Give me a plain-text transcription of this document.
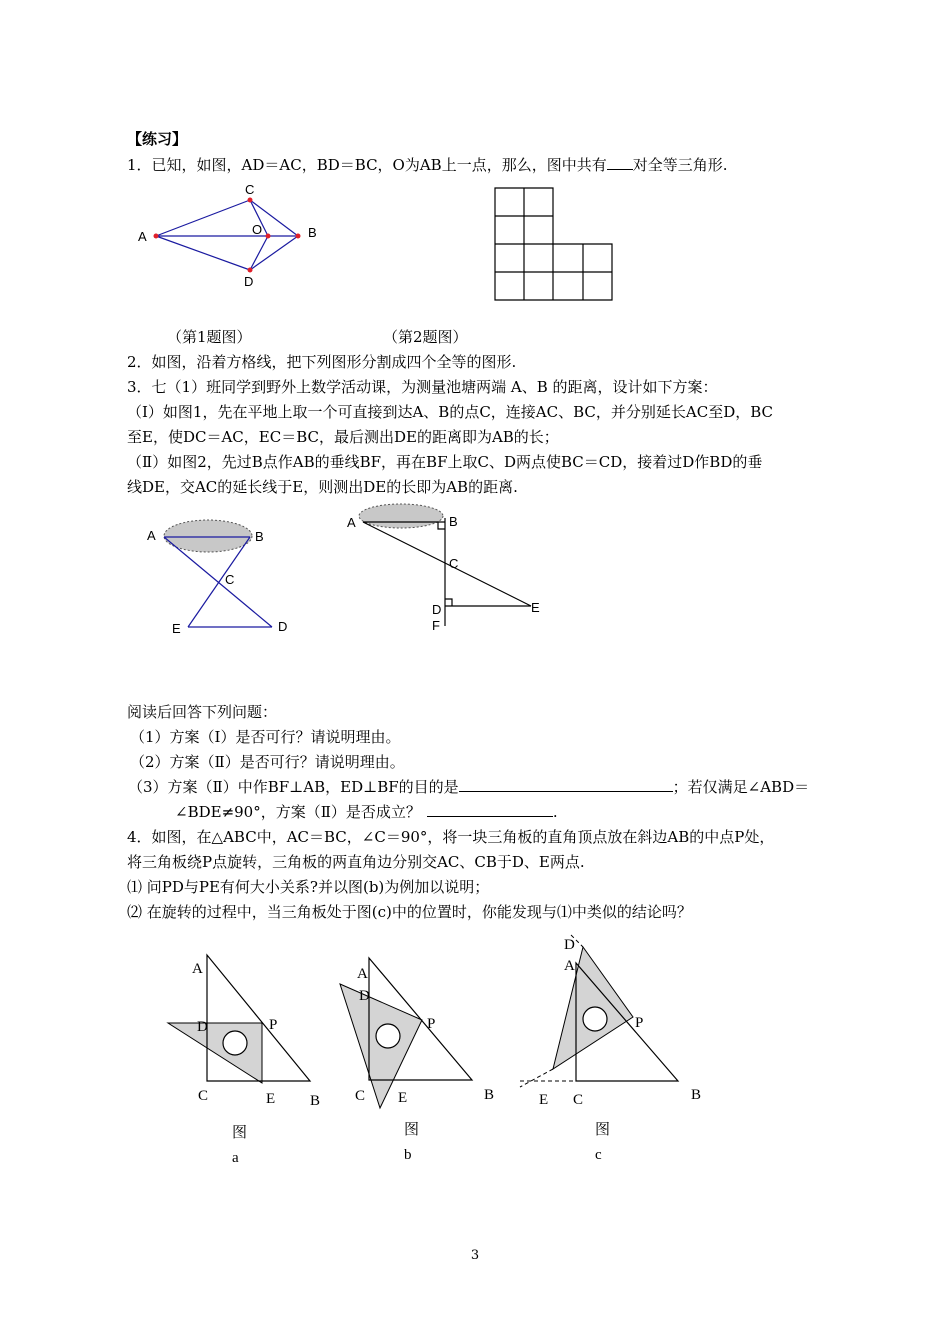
【练习】
1．已知，如图，AD＝AC，BD＝BC，O为AB上一点，那么，图中共有 对全等三角形.
A	B
C
D
O
（第1题图）	（第2题图）
2．如图，沿着方格线，把下列图形分割成四个全等的图形.
3．七（1）班同学到野外上数学活动课，为测量池塘两端 A、B 的距离，设计如下方案：
（Ⅰ）如图1，先在平地上取一个可直接到达A、B的点C，连接AC、BC，并分别延长AC至D，BC
至E，使DC＝AC，EC＝BC，最后测出DE的距离即为AB的长；
（Ⅱ）如图2，先过B点作AB的垂线BF，再在BF上取C、D两点使BC＝CD，接着过D作BD的垂
线DE，交AC的延长线于E，则测出DE的长即为AB的距离.
A	B
C
E	D
A	B
C
D	E
F
阅读后回答下列问题：
（1）方案（Ⅰ）是否可行？请说明理由。
（2）方案（Ⅱ）是否可行？请说明理由。
（3）方案（Ⅱ）中作BF⊥AB，ED⊥BF的目的是	；若仅满足∠ABD＝
∠BDE≠90°，方案（Ⅱ）是否成立？	.
4．如图，在△ABC中，AC＝BC，∠C＝90°，将一块三角板的直角顶点放在斜边AB的中点P处，
将三角板绕P点旋转，三角板的两直角边分别交AC、CB于D、E两点.
⑴ 问PD与PE有何大小关系?并以图(b)为例加以说明；
⑵ 在旋转的过程中，当三角板处于图(c)中的位置时，你能发现与⑴中类似的结论吗？
A
D	P
C	E B
图
a
A
D
P
C E	B
图
b
D
A
P
E C	B
图
c
3
